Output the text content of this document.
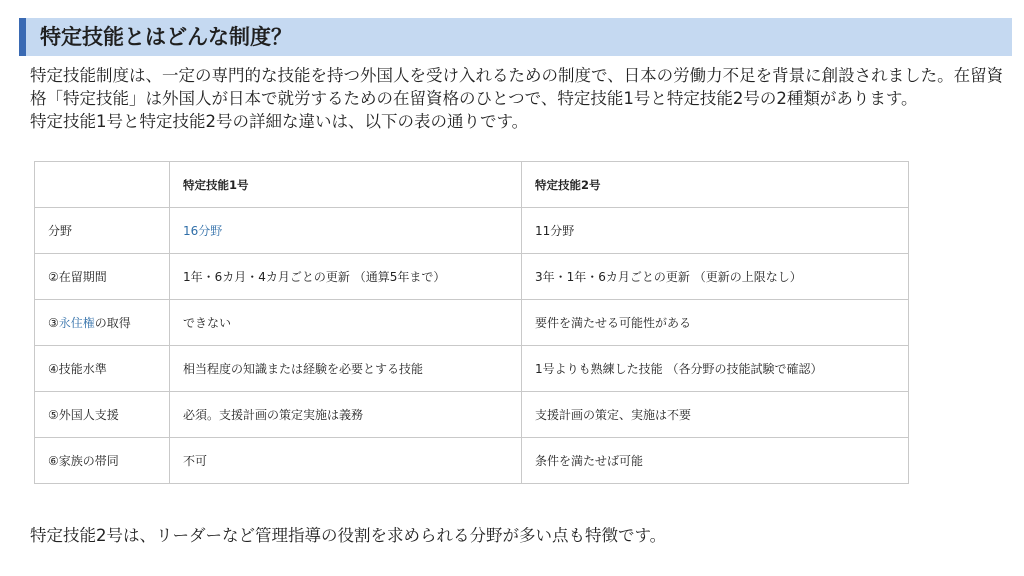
特定技能とはどんな制度？

特定技能制度は、一定の専門的な技能を持つ外国人を受け入れるための制度で、日本の労働力不足を背景に創設されました。在留資格「特定技能」は外国人が日本で就労するための在留資格のひとつで、特定技能1号と特定技能2号の2種類があります。

特定技能1号と特定技能2号の詳細な違いは、以下の表の通りです。

	特定技能1号	特定技能2号
分野	16分野	11分野
②在留期間	1年・6カ月・4カ月ごとの更新 （通算5年まで）	3年・1年・6カ月ごとの更新 （更新の上限なし）
③永住権の取得	できない	要件を満たせる可能性がある
④技能水準	相当程度の知識または経験を必要とする技能	1号よりも熟練した技能 （各分野の技能試験で確認）
⑤外国人支援	必須。支援計画の策定実施は義務	支援計画の策定、実施は不要
⑥家族の帯同	不可	条件を満たせば可能
特定技能2号は、リーダーなど管理指導の役割を求められる分野が多い点も特徴です。
